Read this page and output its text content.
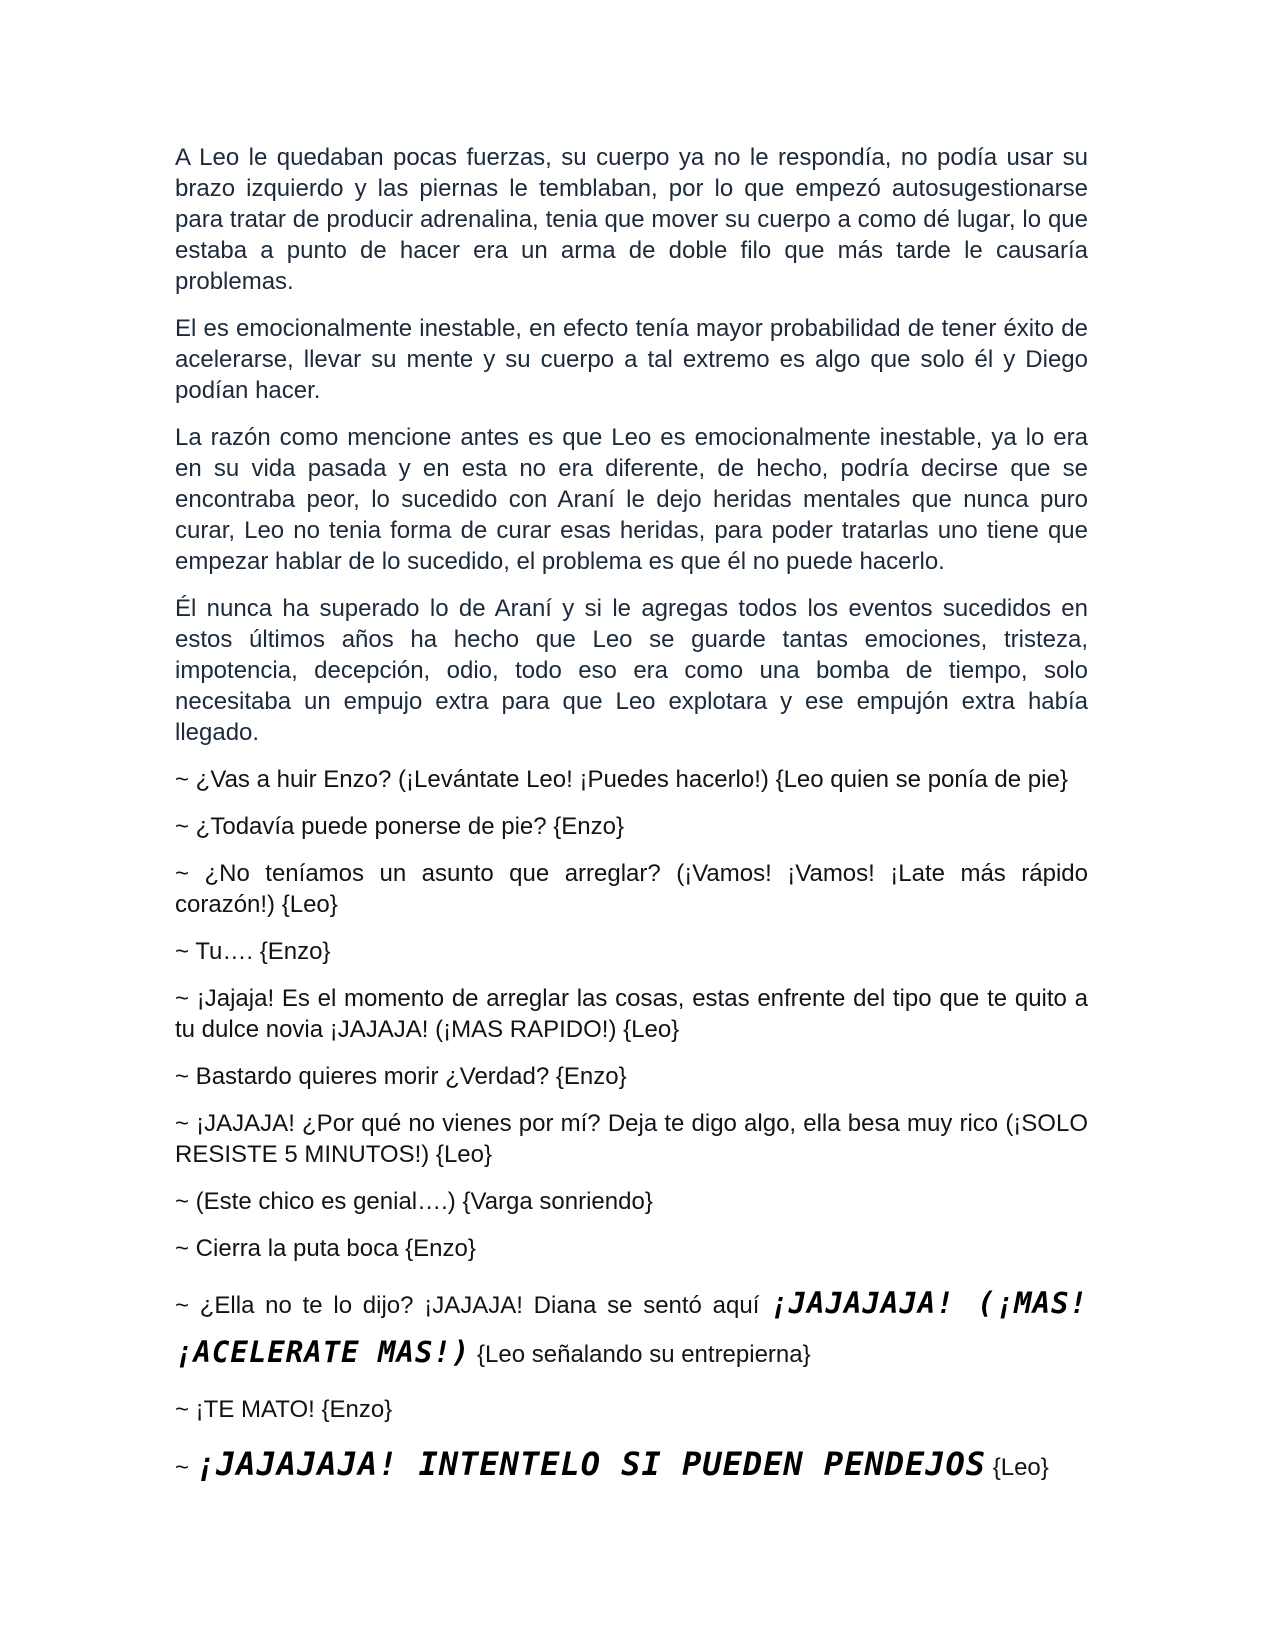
A Leo le quedaban pocas fuerzas, su cuerpo ya no le respondía, no podía usar su brazo izquierdo y las piernas le temblaban, por lo que empezó autosugestionarse para tratar de producir adrenalina, tenia que mover su cuerpo a como dé lugar, lo que estaba a punto de hacer era un arma de doble filo que más tarde le causaría problemas.

El es emocionalmente inestable, en efecto tenía mayor probabilidad de tener éxito de acelerarse, llevar su mente y su cuerpo a tal extremo es algo que solo él y Diego podían hacer.

La razón como mencione antes es que Leo es emocionalmente inestable, ya lo era en su vida pasada y en esta no era diferente, de hecho, podría decirse que se encontraba peor, lo sucedido con Araní le dejo heridas mentales que nunca puro curar, Leo no tenia forma de curar esas heridas, para poder tratarlas uno tiene que empezar hablar de lo sucedido, el problema es que él no puede hacerlo.

Él nunca ha superado lo de Araní y si le agregas todos los eventos sucedidos en estos últimos años ha hecho que Leo se guarde tantas emociones, tristeza, impotencia, decepción, odio, todo eso era como una bomba de tiempo, solo necesitaba un empujo extra para que Leo explotara y ese empujón extra había llegado.

~ ¿Vas a huir Enzo? (¡Levántate Leo! ¡Puedes hacerlo!) {Leo quien se ponía de pie}

~ ¿Todavía puede ponerse de pie? {Enzo}

~ ¿No teníamos un asunto que arreglar? (¡Vamos! ¡Vamos! ¡Late más rápido corazón!) {Leo}

~ Tu…. {Enzo}

~ ¡Jajaja! Es el momento de arreglar las cosas, estas enfrente del tipo que te quito a tu dulce novia ¡JAJAJA! (¡MAS RAPIDO!) {Leo}

~ Bastardo quieres morir ¿Verdad? {Enzo}

~ ¡JAJAJA! ¿Por qué no vienes por mí? Deja te digo algo, ella besa muy rico (¡SOLO RESISTE 5 MINUTOS!) {Leo}

~ (Este chico es genial….) {Varga sonriendo}

~ Cierra la puta boca {Enzo}

~ ¿Ella no te lo dijo? ¡JAJAJA! Diana se sentó aquí ¡JAJAJAJA! (¡MAS! ¡ACELERATE MAS!) {Leo señalando su entrepierna}

~ ¡TE MATO! {Enzo}

~ ¡JAJAJAJA! INTENTELO SI PUEDEN PENDEJOS {Leo}
